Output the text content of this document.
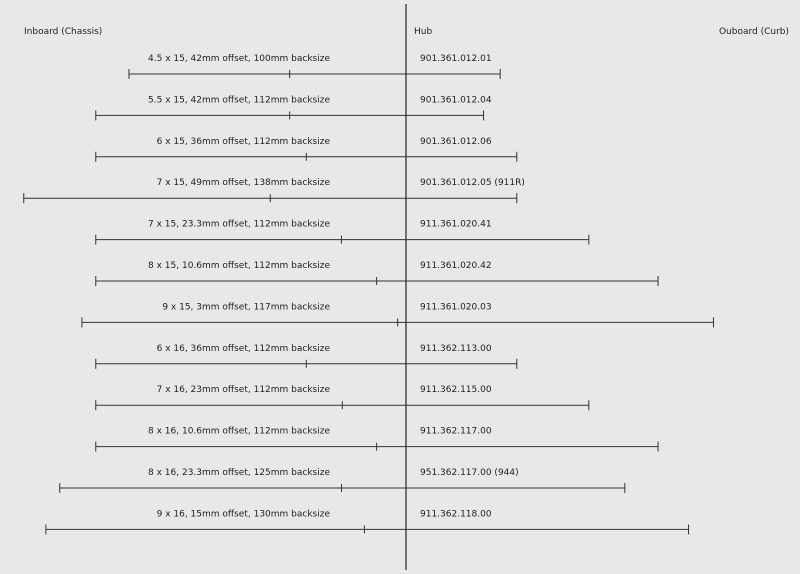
Inboard (Chassis)	Hub	Ouboard (Curb)
4.5 x 15, 42mm offset, 100mm backsize	901.361.012.01
5.5 x 15, 42mm offset, 112mm backsize	901.361.012.04
6 x 15, 36mm offset, 112mm backsize	901.361.012.06
7 x 15, 49mm offset, 138mm backsize	901.361.012.05 (911R)
7 x 15, 23.3mm offset, 112mm backsize	911.361.020.41
8 x 15, 10.6mm offset, 112mm backsize	911.361.020.42
9 x 15, 3mm offset, 117mm backsize	911.361.020.03
6 x 16, 36mm offset, 112mm backsize	911.362.113.00
7 x 16, 23mm offset, 112mm backsize	911.362.115.00
8 x 16, 10.6mm offset, 112mm backsize	911.362.117.00
8 x 16, 23.3mm offset, 125mm backsize	951.362.117.00 (944)
9 x 16, 15mm offset, 130mm backsize	911.362.118.00
